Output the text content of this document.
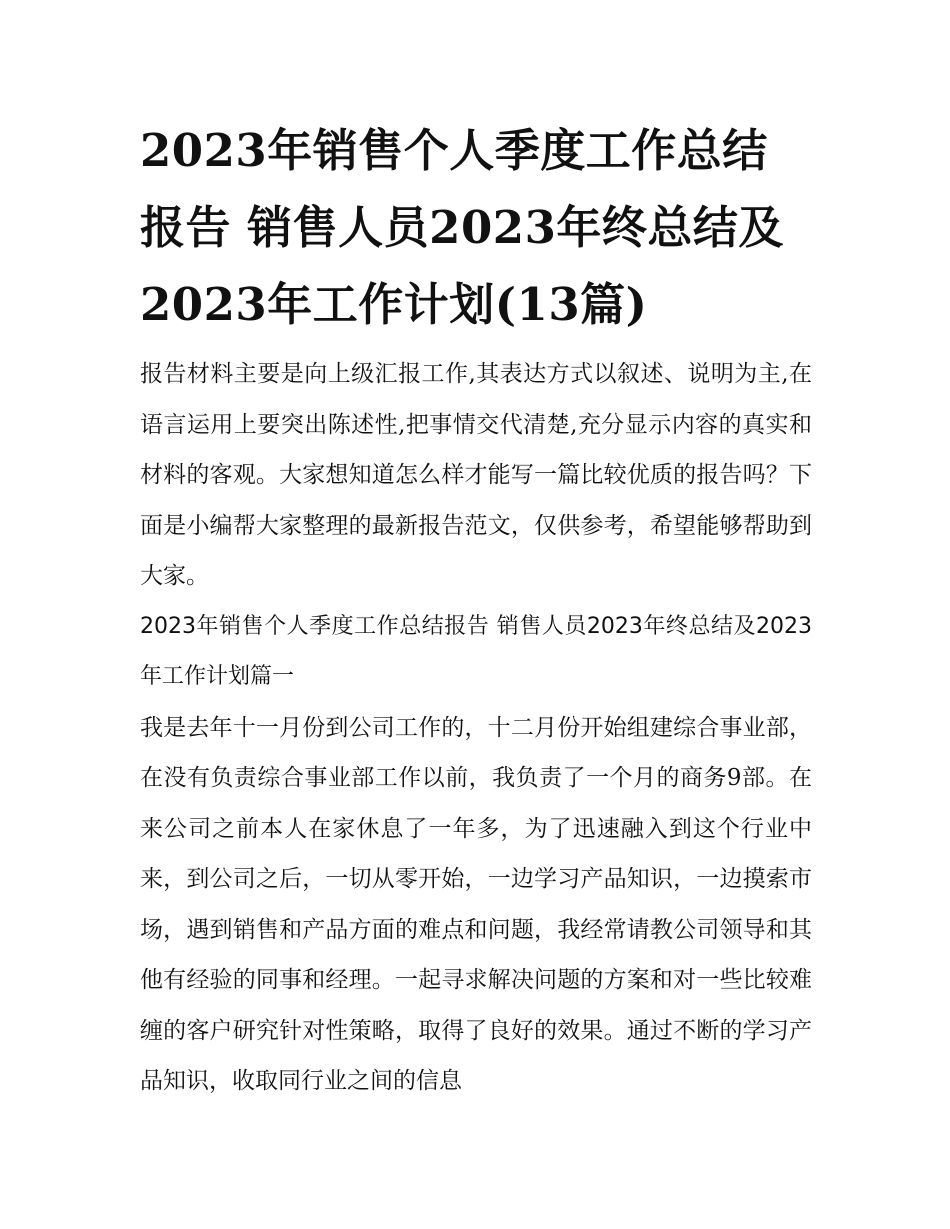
2023年销售个人季度工作总结报告 销售人员2023年终总结及2023年工作计划(13篇)

报告材料主要是向上级汇报工作,其表达方式以叙述、说明为主,在语言运用上要突出陈述性,把事情交代清楚,充分显示内容的真实和材料的客观。大家想知道怎么样才能写一篇比较优质的报告吗？下面是小编帮大家整理的最新报告范文，仅供参考，希望能够帮助到大家。

2023年销售个人季度工作总结报告 销售人员2023年终总结及2023年工作计划篇一

我是去年十一月份到公司工作的，十二月份开始组建综合事业部，在没有负责综合事业部工作以前，我负责了一个月的商务9部。在来公司之前本人在家休息了一年多，为了迅速融入到这个行业中来，到公司之后，一切从零开始，一边学习产品知识，一边摸索市场，遇到销售和产品方面的难点和问题，我经常请教公司领导和其他有经验的同事和经理。一起寻求解决问题的方案和对一些比较难缠的客户研究针对性策略，取得了良好的效果。通过不断的学习产品知识，收取同行业之间的信息
